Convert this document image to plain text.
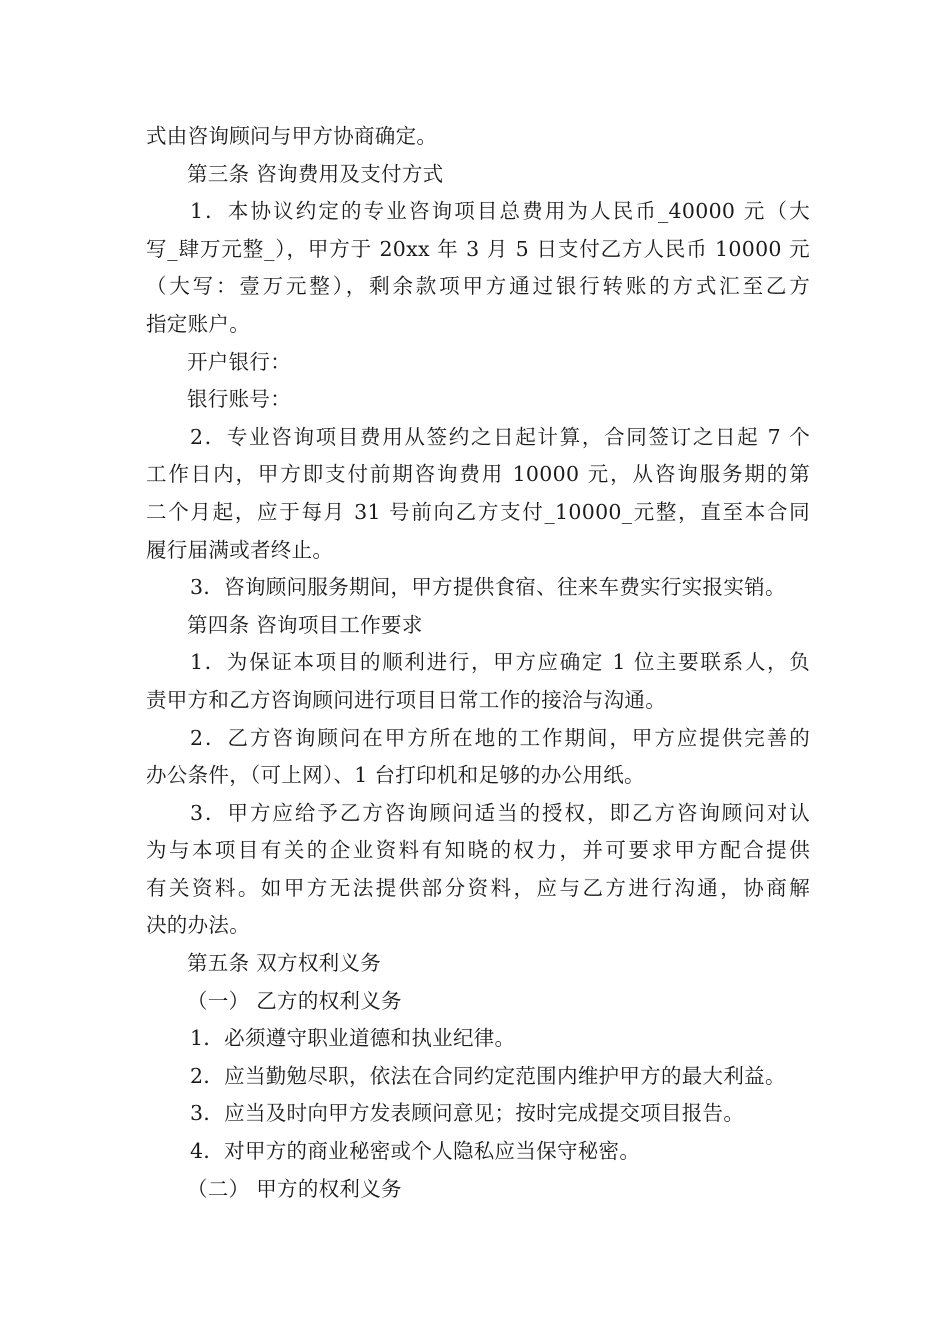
式由咨询顾问与甲方协商确定。
第三条 咨询费用及支付方式
1．本协议约定的专业咨询项目总费用为人民币_40000 元（大
写_肆万元整_），甲方于 20xx 年 3 月 5 日支付乙方人民币 10000 元
（大写：壹万元整），剩余款项甲方通过银行转账的方式汇至乙方
指定账户。
开户银行：
银行账号：
2．专业咨询项目费用从签约之日起计算，合同签订之日起 7 个
工作日内，甲方即支付前期咨询费用 10000 元，从咨询服务期的第
二个月起，应于每月 31 号前向乙方支付_10000_元整，直至本合同
履行届满或者终止。
3．咨询顾问服务期间，甲方提供食宿、往来车费实行实报实销。
第四条 咨询项目工作要求
1．为保证本项目的顺利进行，甲方应确定 1 位主要联系人，负
责甲方和乙方咨询顾问进行项目日常工作的接洽与沟通。
2．乙方咨询顾问在甲方所在地的工作期间，甲方应提供完善的
办公条件，（可上网）、1 台打印机和足够的办公用纸。
3．甲方应给予乙方咨询顾问适当的授权，即乙方咨询顾问对认
为与本项目有关的企业资料有知晓的权力，并可要求甲方配合提供
有关资料。如甲方无法提供部分资料，应与乙方进行沟通，协商解
决的办法。
第五条 双方权利义务
（一） 乙方的权利义务
1．必须遵守职业道德和执业纪律。
2．应当勤勉尽职，依法在合同约定范围内维护甲方的最大利益。
3．应当及时向甲方发表顾问意见；按时完成提交项目报告。
4．对甲方的商业秘密或个人隐私应当保守秘密。
（二） 甲方的权利义务
